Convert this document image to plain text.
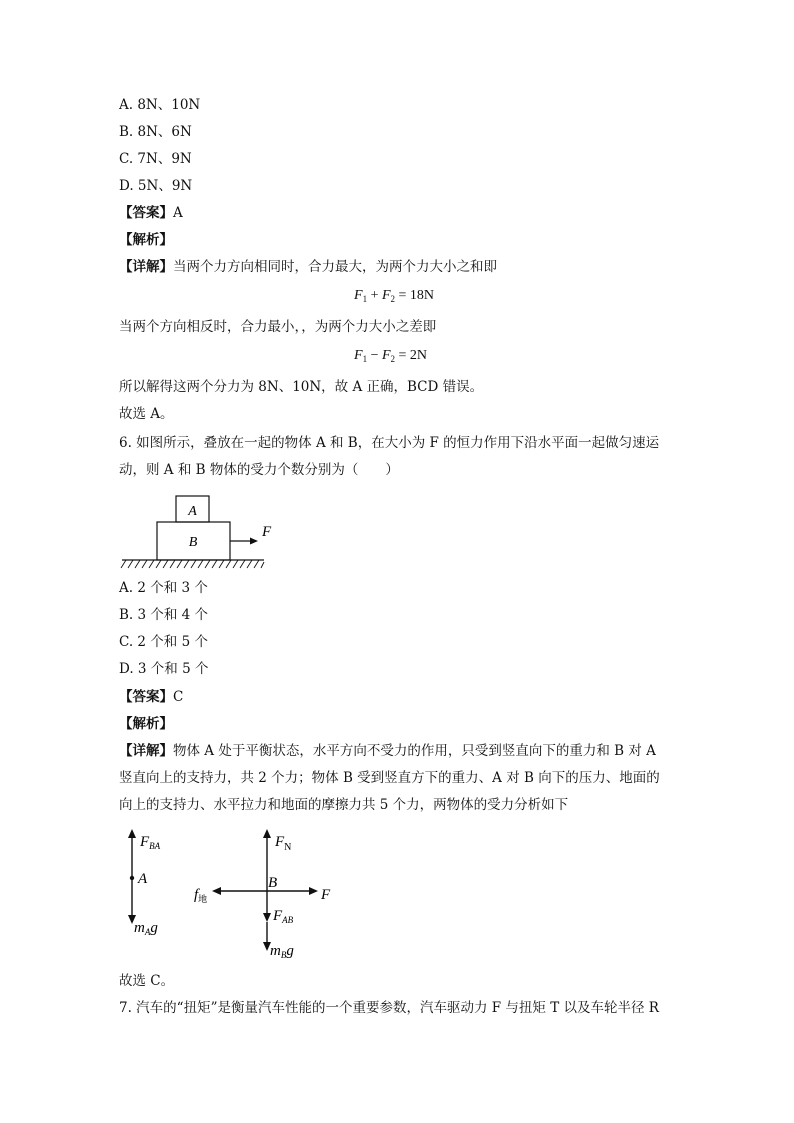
A. 8N、10N
B. 8N、6N
C. 7N、9N
D. 5N、9N
【答案】A
【解析】
【详解】当两个力方向相同时，合力最大，为两个力大小之和即
$F_1 + F_2 = 18N$
当两个方向相反时，合力最小，，为两个力大小之差即
$F_1 - F_2 = 2N$
所以解得这两个分力为 8N、10N，故 A 正确，BCD 错误。
故选 A。
6. 如图所示，叠放在一起的物体 A 和 B，在大小为 F 的恒力作用下沿水平面一起做匀速运
动，则 A 和 B 物体的受力个数分别为（　　）
A
B
F
A. 2 个和 3 个
B. 3 个和 4 个
C. 2 个和 5 个
D. 3 个和 5 个
【答案】C
【解析】
【详解】物体 A 处于平衡状态，水平方向不受力的作用，只受到竖直向下的重力和 B 对 A
竖直向上的支持力，共 2 个力；物体 B 受到竖直方下的重力、A 对 B 向下的压力、地面的
向上的支持力、水平拉力和地面的摩擦力共 5 个力，两物体的受力分析如下
$F_{BA}$
A
$m_Ag$
$F_N$
B
$f_地$	F
$F_{AB}$
$m_Bg$
故选 C。
7. 汽车的“扭矩”是衡量汽车性能的一个重要参数，汽车驱动力 F 与扭矩 T 以及车轮半径 R
